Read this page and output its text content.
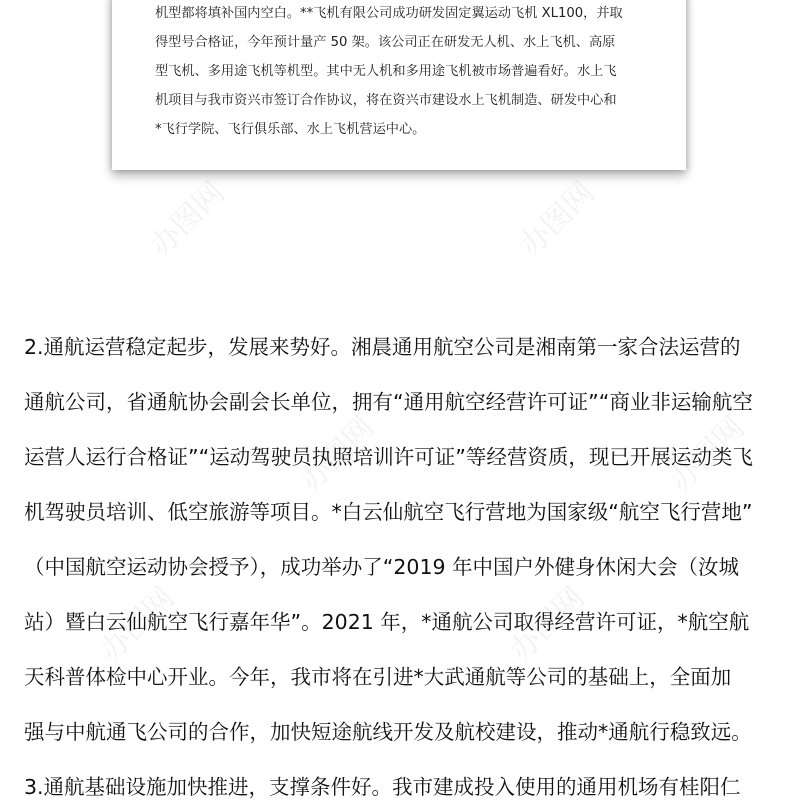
机型都将填补国内空白。**飞机有限公司成功研发固定翼运动飞机 XL100，并取
得型号合格证，今年预计量产 50 架。该公司正在研发无人机、水上飞机、高原
型飞机、多用途飞机等机型。其中无人机和多用途飞机被市场普遍看好。水上飞
机项目与我市资兴市签订合作协议，将在资兴市建设水上飞机制造、研发中心和
*飞行学院、飞行俱乐部、水上飞机营运中心。
2.通航运营稳定起步，发展来势好。湘晨通用航空公司是湘南第一家合法运营的
通航公司，省通航协会副会长单位，拥有“通用航空经营许可证”“商业非运输航空
运营人运行合格证”“运动驾驶员执照培训许可证”等经营资质，现已开展运动类飞
机驾驶员培训、低空旅游等项目。*白云仙航空飞行营地为国家级“航空飞行营地”
（中国航空运动协会授予），成功举办了“2019 年中国户外健身休闲大会（汝城
站）暨白云仙航空飞行嘉年华”。2021 年，*通航公司取得经营许可证，*航空航
天科普体检中心开业。今年，我市将在引进*大武通航等公司的基础上，全面加
强与中航通飞公司的合作，加快短途航线开发及航校建设，推动*通航行稳致远。
3.通航基础设施加快推进，支撑条件好。我市建成投入使用的通用机场有桂阳仁
办图网	办图网
办图网	办图网
办图网	办图网
